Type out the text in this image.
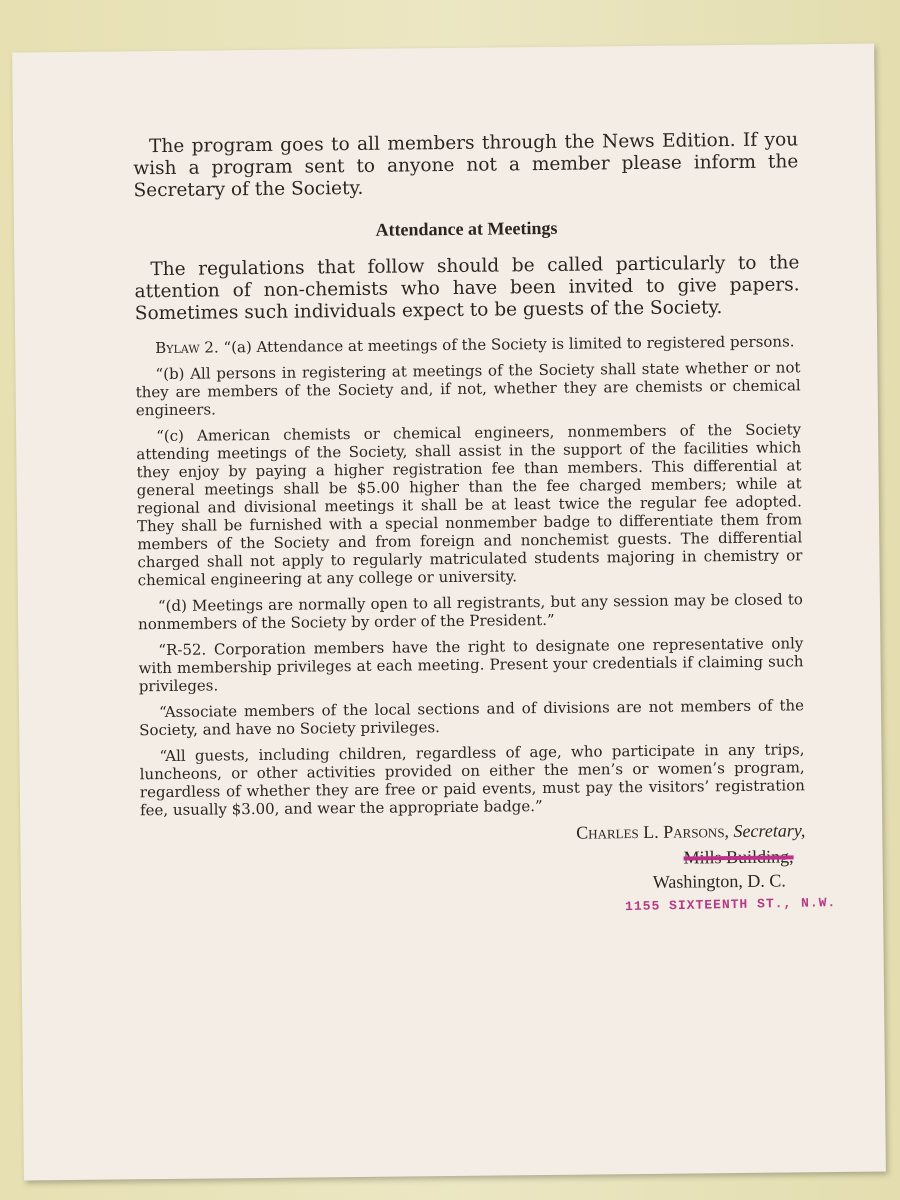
The program goes to all members through the News Edition. If you wish a program sent to anyone not a member please inform the Secretary of the Society.

Attendance at Meetings

The regulations that follow should be called particularly to the attention of non-chemists who have been invited to give papers. Sometimes such individuals expect to be guests of the Society.

Bylaw 2. “(a) Attendance at meetings of the Society is limited to registered persons.

“(b) All persons in registering at meetings of the Society shall state whether or not they are members of the Society and, if not, whether they are chemists or chemical engineers.

“(c) American chemists or chemical engineers, nonmembers of the Society attending meetings of the Society, shall assist in the support of the facilities which they enjoy by paying a higher registration fee than members. This differential at general meetings shall be $5.00 higher than the fee charged members; while at regional and divisional meetings it shall be at least twice the regular fee adopted. They shall be furnished with a special nonmember badge to differentiate them from members of the Society and from foreign and nonchemist guests. The differential charged shall not apply to regularly matriculated students majoring in chemistry or chemical engineering at any college or university.

“(d) Meetings are normally open to all registrants, but any session may be closed to nonmembers of the Society by order of the President.”

“R-52. Corporation members have the right to designate one representative only with membership privileges at each meeting. Present your credentials if claiming such privileges.

“Associate members of the local sections and of divisions are not members of the Society, and have no Society privileges.

“All guests, including children, regardless of age, who participate in any trips, luncheons, or other activities provided on either the men’s or women’s program, regardless of whether they are free or paid events, must pay the visitors’ registration fee, usually $3.00, and wear the appropriate badge.”

Charles L. Parsons, Secretary,
Mills Building,
Washington, D. C.
1155 SIXTEENTH ST., N.W.
